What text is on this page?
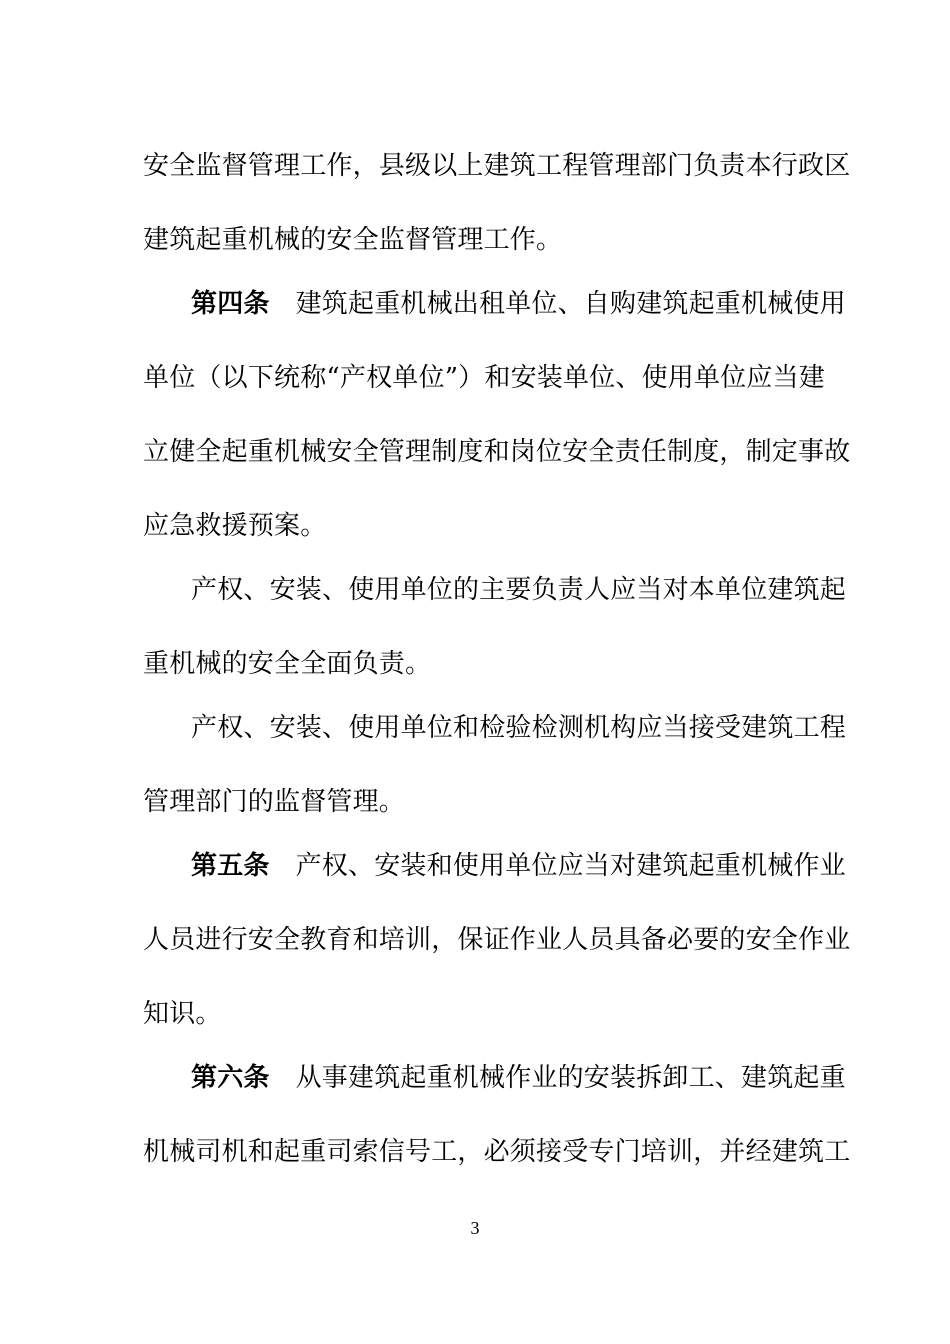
安全监督管理工作，县级以上建筑工程管理部门负责本行政区
建筑起重机械的安全监督管理工作。
第四条 建筑起重机械出租单位、自购建筑起重机械使用
单位（以下统称“产权单位”）和安装单位、使用单位应当建
立健全起重机械安全管理制度和岗位安全责任制度，制定事故
应急救援预案。
产权、安装、使用单位的主要负责人应当对本单位建筑起
重机械的安全全面负责。
产权、安装、使用单位和检验检测机构应当接受建筑工程
管理部门的监督管理。
第五条 产权、安装和使用单位应当对建筑起重机械作业
人员进行安全教育和培训，保证作业人员具备必要的安全作业
知识。
第六条 从事建筑起重机械作业的安装拆卸工、建筑起重
机械司机和起重司索信号工，必须接受专门培训，并经建筑工
3
